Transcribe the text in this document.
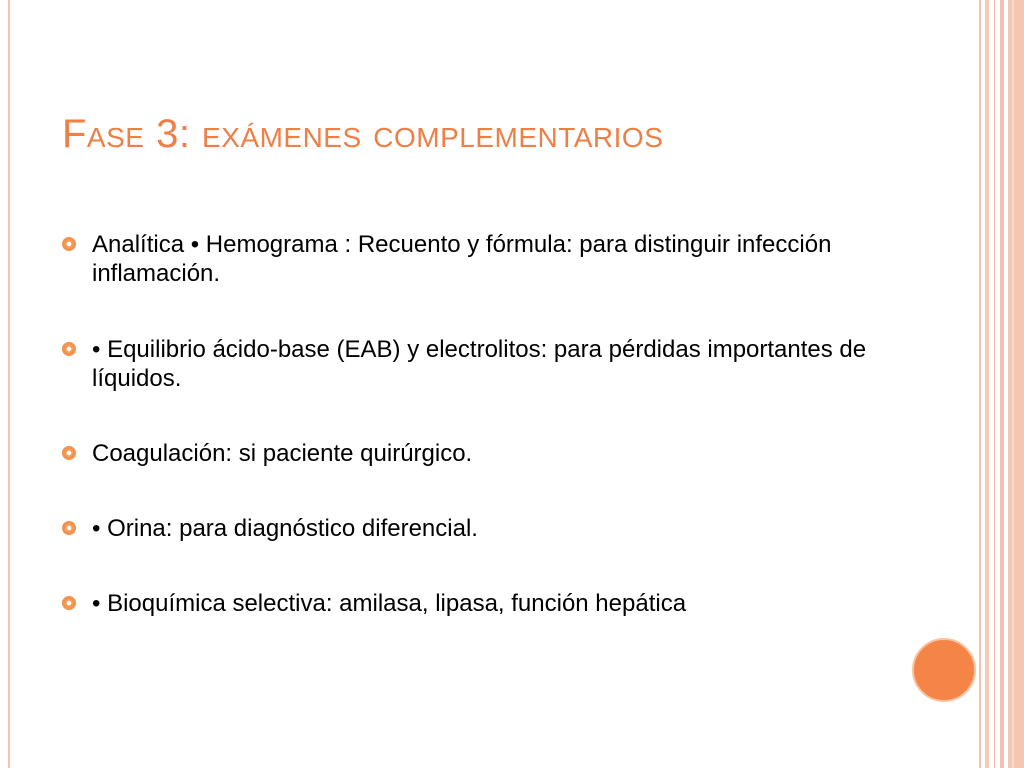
Fase 3: exámenes complementarios
Analítica • Hemograma : Recuento y fórmula: para distinguir infección inflamación.
• Equilibrio ácido-base (EAB) y electrolitos: para pérdidas importantes de líquidos.
Coagulación: si paciente quirúrgico.
• Orina: para diagnóstico diferencial.
• Bioquímica selectiva: amilasa, lipasa, función hepática
